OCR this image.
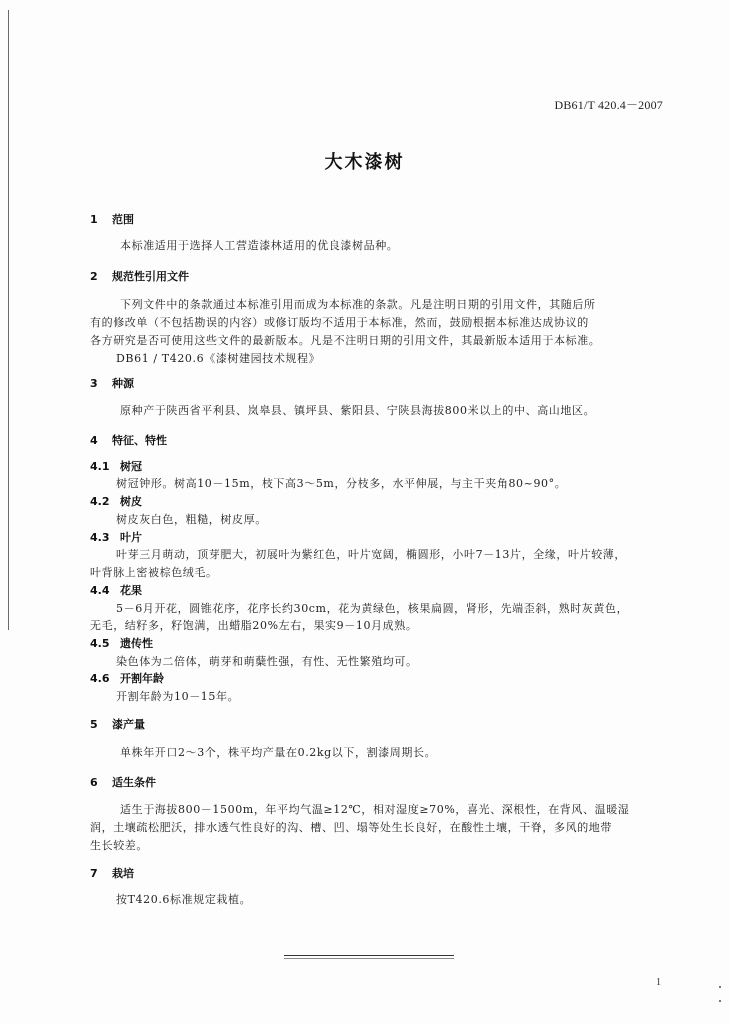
DB61/T 420.4－2007
大木漆树
1 范围
本标准适用于选择人工营造漆林适用的优良漆树品种。
2 规范性引用文件
下列文件中的条款通过本标准引用而成为本标准的条款。凡是注明日期的引用文件，其随后所
有的修改单（不包括勘误的内容）或修订版均不适用于本标准，然而，鼓励根据本标准达成协议的
各方研究是否可使用这些文件的最新版本。凡是不注明日期的引用文件，其最新版本适用于本标准。
DB61 / T420.6《漆树建园技术规程》
3 种源
原种产于陕西省平利县、岚皋县、镇坪县、紫阳县、宁陕县海拔800米以上的中、高山地区。
4 特征、特性
4.1 树冠
树冠钟形。树高10－15m，枝下高3～5m，分枝多，水平伸展，与主干夹角80~90°。
4.2 树皮
树皮灰白色，粗糙，树皮厚。
4.3 叶片
叶芽三月萌动，顶芽肥大，初展叶为紫红色，叶片宽阔，椭圆形，小叶7－13片，全缘，叶片较薄，
叶背脉上密被棕色绒毛。
4.4 花果
5－6月开花，圆锥花序，花序长约30cm，花为黄绿色，核果扁圆，肾形，先端歪斜，熟时灰黄色，
无毛，结籽多，籽饱满，出蜡脂20%左右，果实9－10月成熟。
4.5 遗传性
染色体为二倍体，萌芽和萌蘖性强，有性、无性繁殖均可。
4.6 开割年龄
开割年龄为10－15年。
5 漆产量
单株年开口2～3个，株平均产量在0.2kg以下，割漆周期长。
6 适生条件
适生于海拔800－1500m，年平均气温≥12℃，相对湿度≥70%，喜光、深根性，在背风、温暖湿
润，土壤疏松肥沃，排水透气性良好的沟、槽、凹、塌等处生长良好，在酸性土壤，干脊，多风的地带
生长较差。
7 栽培
按T420.6标准规定栽植。
1
